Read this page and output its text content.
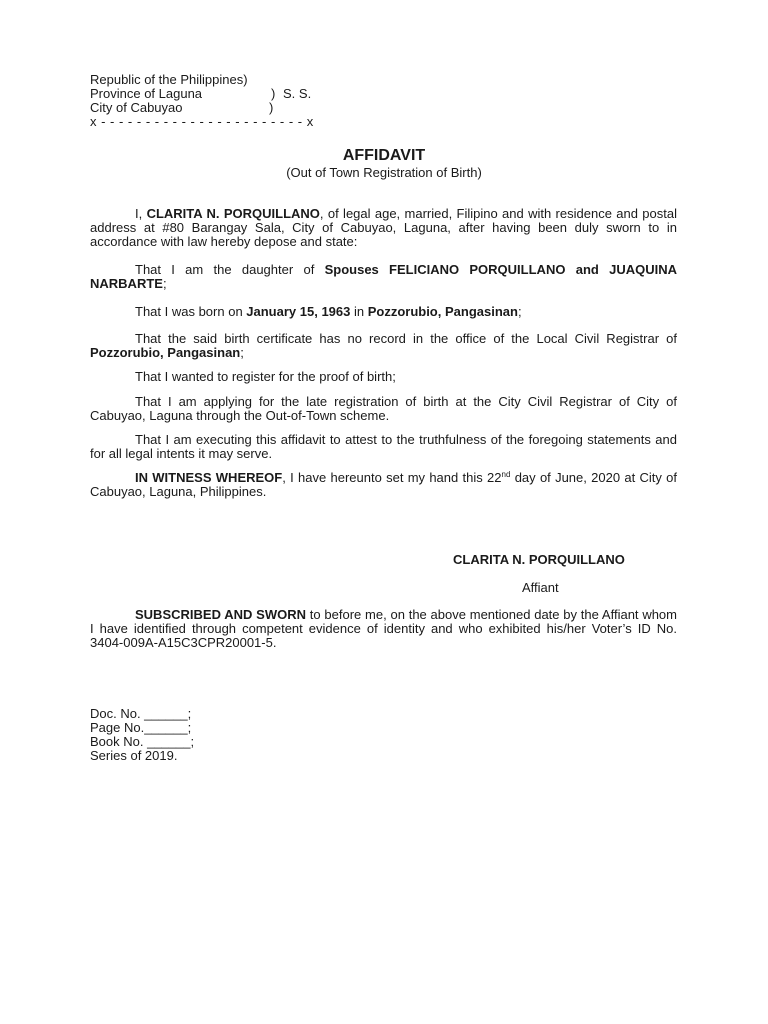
Republic of the Philippines)
Province of Laguna	) S. S.
City of Cabuyao	)
x - - - - - - - - - - - - - - - - - - - - - - - x
AFFIDAVIT
(Out of Town Registration of Birth)

I, CLARITA N. PORQUILLANO, of legal age, married, Filipino and with residence and postal address at #80 Barangay Sala, City of Cabuyao, Laguna, after having been duly sworn to in accordance with law hereby depose and state:

That I am the daughter of Spouses FELICIANO PORQUILLANO and JUAQUINA NARBARTE;

That I was born on January 15, 1963 in Pozzorubio, Pangasinan;

That the said birth certificate has no record in the office of the Local Civil Registrar of Pozzorubio, Pangasinan;

That I wanted to register for the proof of birth;

That I am applying for the late registration of birth at the City Civil Registrar of City of Cabuyao, Laguna through the Out-of-Town scheme.

That I am executing this affidavit to attest to the truthfulness of the foregoing statements and for all legal intents it may serve.

IN WITNESS WHEREOF, I have hereunto set my hand this 22nd day of June, 2020 at City of Cabuyao, Laguna, Philippines.

CLARITA N. PORQUILLANO
Affiant

SUBSCRIBED AND SWORN to before me, on the above mentioned date by the Affiant whom I have identified through competent evidence of identity and who exhibited his/her Voter’s ID No. 3404-009A-A15C3CPR20001-5.

Doc. No. ______;
Page No.______;
Book No. ______;
Series of 2019.
